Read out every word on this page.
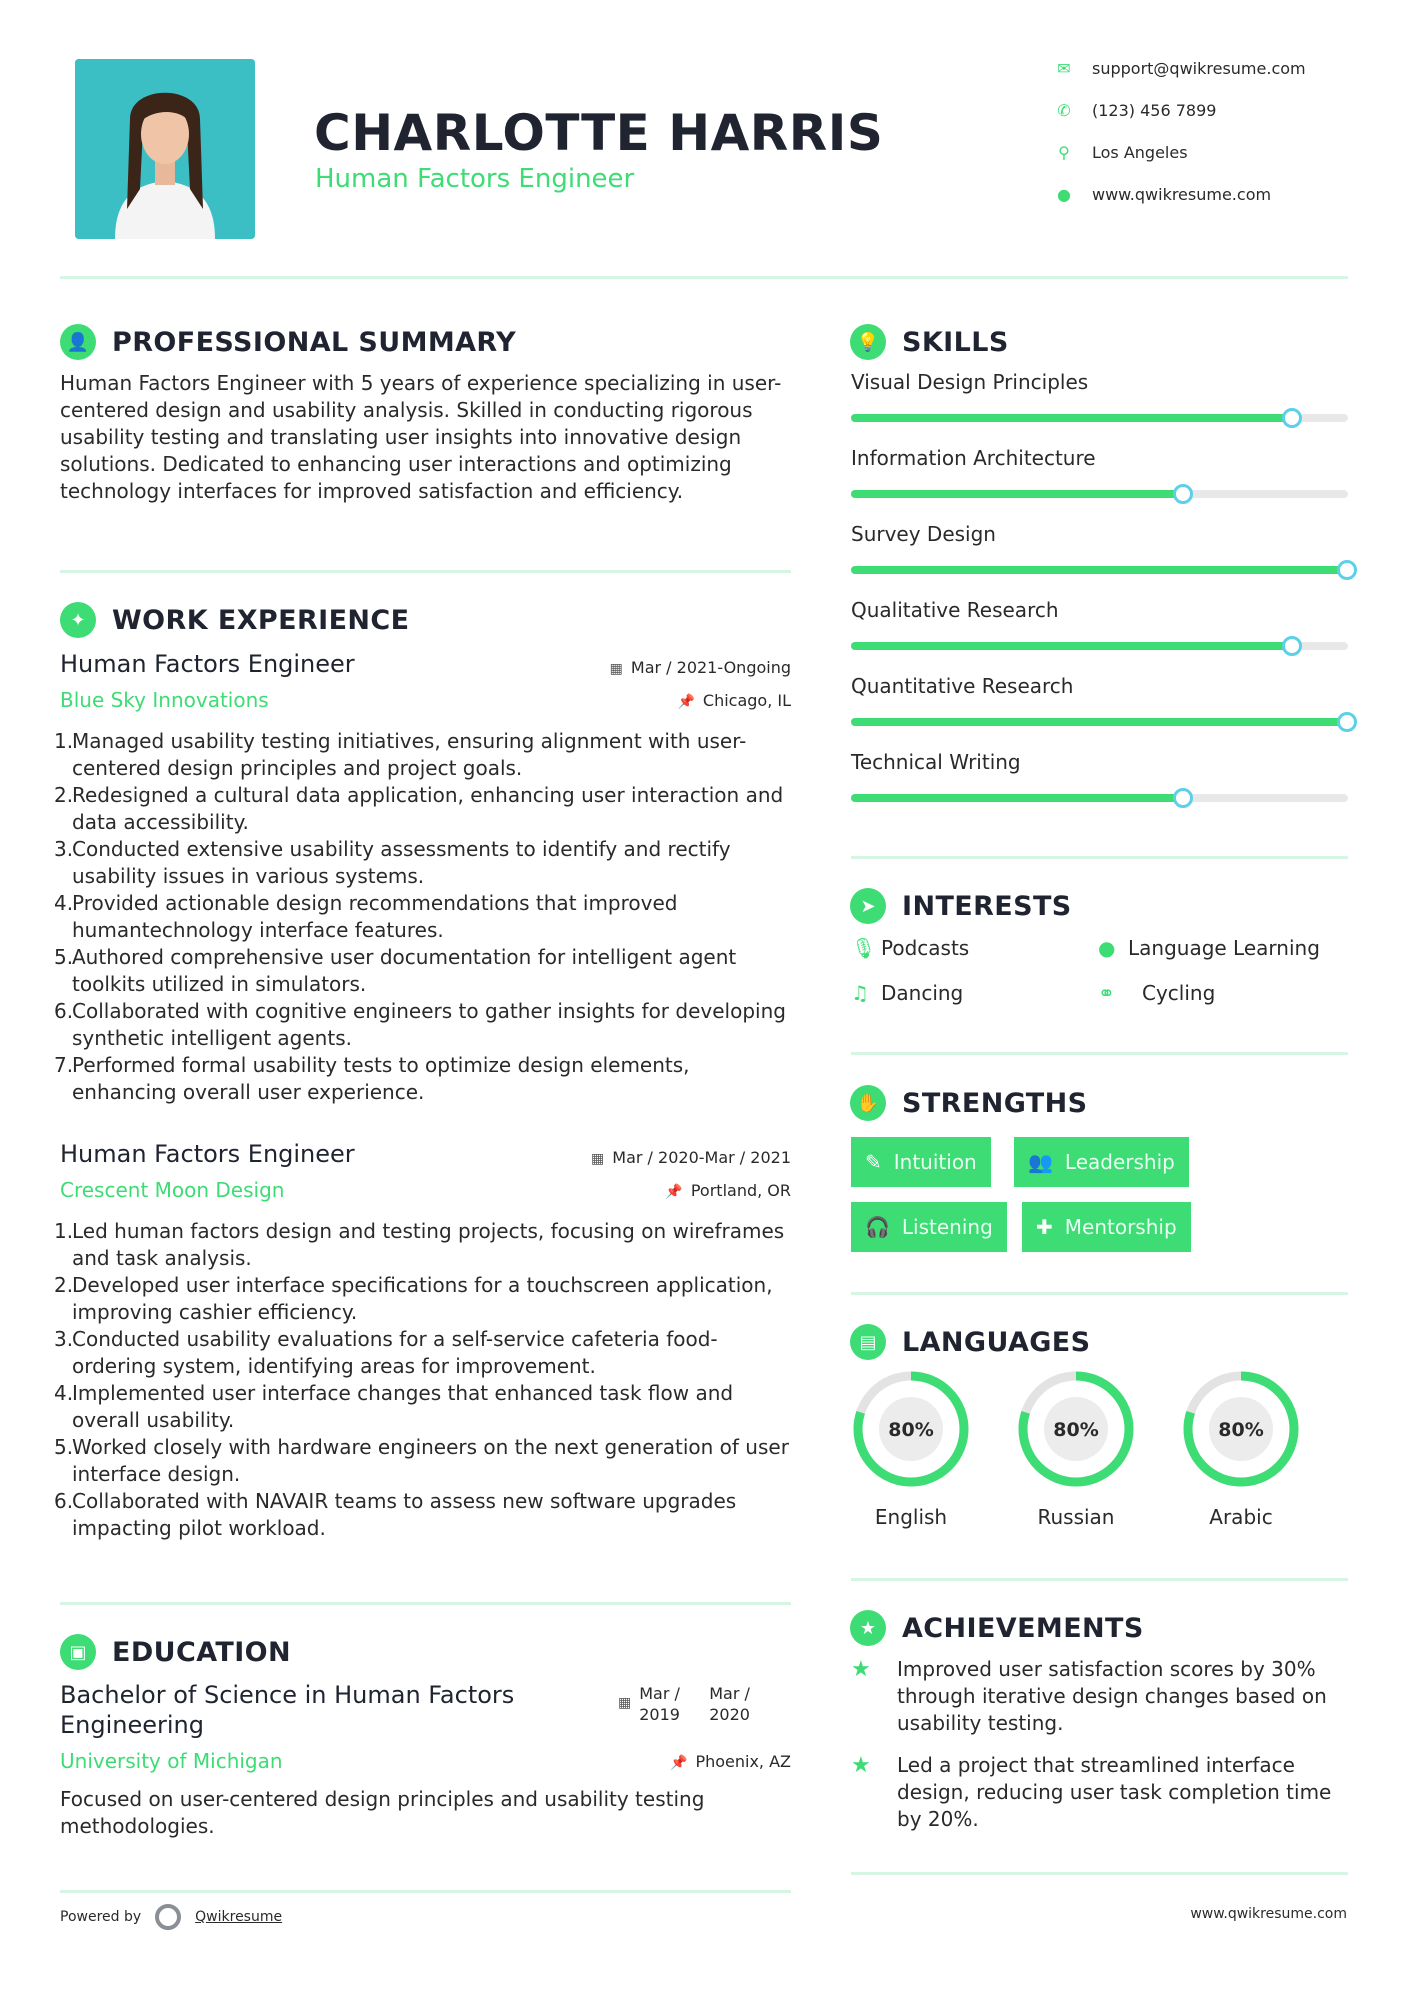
CHARLOTTE HARRIS
Human Factors Engineer
✉	support@qwikresume.com
✆	(123) 456 7899
⚲	Los Angeles
●	www.qwikresume.com
👤 PROFESSIONAL SUMMARY
Human Factors Engineer with 5 years of experience specializing in user-centered design and usability analysis. Skilled in conducting rigorous usability testing and translating user insights into innovative design solutions. Dedicated to enhancing user interactions and optimizing technology interfaces for improved satisfaction and efficiency.
✦ WORK EXPERIENCE
Human Factors Engineer	▦ Mar / 2021-Ongoing
Blue Sky Innovations	📌 Chicago, IL
1.Managed usability testing initiatives, ensuring alignment with user-centered design principles and project goals.
2.Redesigned a cultural data application, enhancing user interaction and data accessibility.
3.Conducted extensive usability assessments to identify and rectify usability issues in various systems.
4.Provided actionable design recommendations that improved humantechnology interface features.
5.Authored comprehensive user documentation for intelligent agent toolkits utilized in simulators.
6.Collaborated with cognitive engineers to gather insights for developing synthetic intelligent agents.
7.Performed formal usability tests to optimize design elements, enhancing overall user experience.
Human Factors Engineer	▦ Mar / 2020-Mar / 2021
Crescent Moon Design	📌 Portland, OR
1.Led human factors design and testing projects, focusing on wireframes and task analysis.
2.Developed user interface specifications for a touchscreen application, improving cashier efficiency.
3.Conducted usability evaluations for a self-service cafeteria food-ordering system, identifying areas for improvement.
4.Implemented user interface changes that enhanced task flow and overall usability.
5.Worked closely with hardware engineers on the next generation of user interface design.
6.Collaborated with NAVAIR teams to assess new software upgrades impacting pilot workload.
▣ EDUCATION
Bachelor of Science in Human Factors Engineering
▦ Mar / 2019
Mar / 2020
University of Michigan	📌 Phoenix, AZ
Focused on user-centered design principles and usability testing methodologies.
Powered by	Qwikresume	www.qwikresume.com
💡 SKILLS
Visual Design Principles
Information Architecture
Survey Design
Qualitative Research
Quantitative Research
Technical Writing
➤ INTERESTS
🎙 Podcasts	● Language Learning
♫ Dancing	⚭	Cycling
✋ STRENGTHS
✎ Intuition	👥 Leadership
🎧 Listening ✚ Mentorship
▤ LANGUAGES
80%
English
80%
Russian
80%
Arabic
★ ACHIEVEMENTS
★	Improved user satisfaction scores by 30% through iterative design changes based on usability testing.
★	Led a project that streamlined interface design, reducing user task completion time by 20%.
